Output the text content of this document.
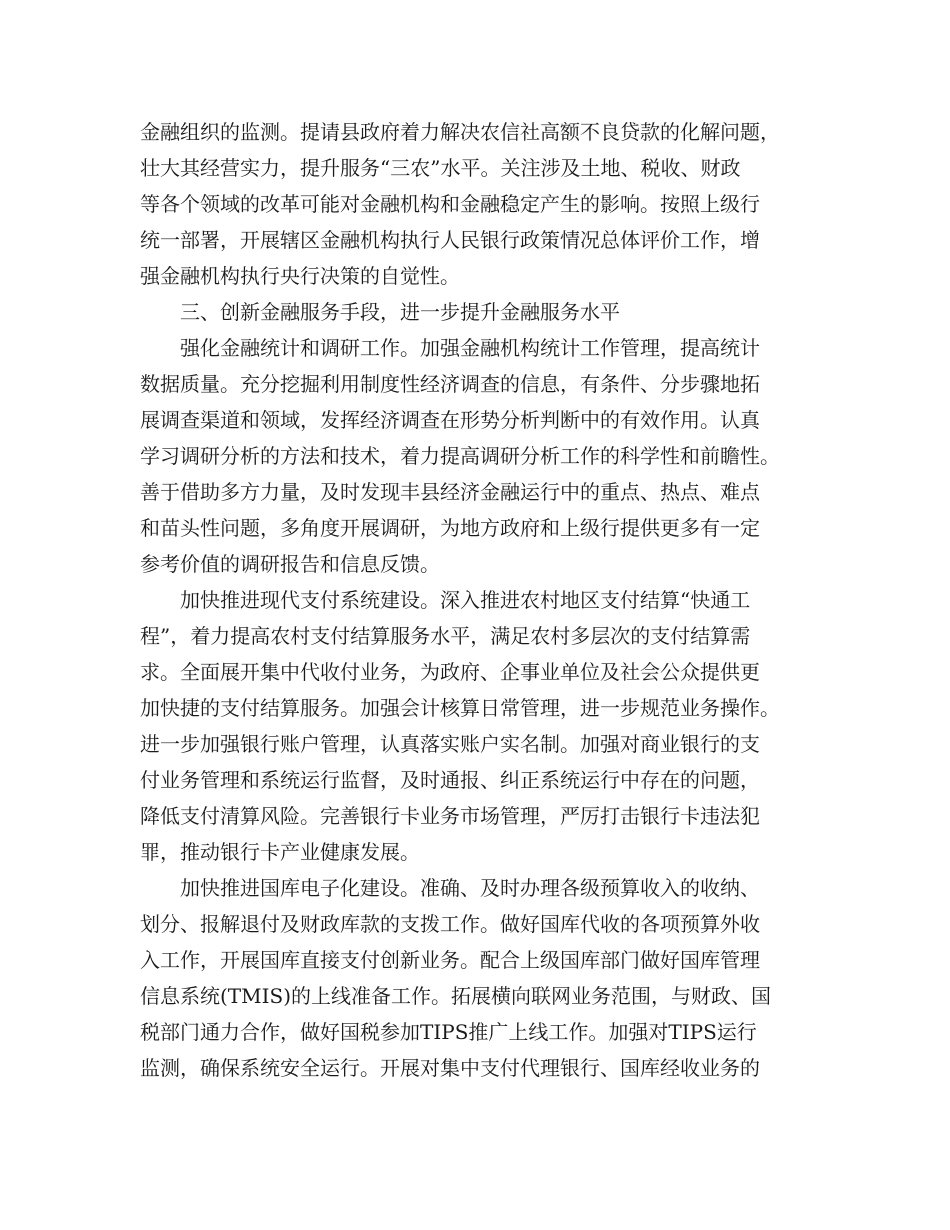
金融组织的监测。提请县政府着力解决农信社高额不良贷款的化解问题，
壮大其经营实力，提升服务“三农”水平。关注涉及土地、税收、财政
等各个领域的改革可能对金融机构和金融稳定产生的影响。按照上级行
统一部署，开展辖区金融机构执行人民银行政策情况总体评价工作，增
强金融机构执行央行决策的自觉性。
三、创新金融服务手段，进一步提升金融服务水平
强化金融统计和调研工作。加强金融机构统计工作管理，提高统计
数据质量。充分挖掘利用制度性经济调查的信息，有条件、分步骤地拓
展调查渠道和领域，发挥经济调查在形势分析判断中的有效作用。认真
学习调研分析的方法和技术，着力提高调研分析工作的科学性和前瞻性。
善于借助多方力量，及时发现丰县经济金融运行中的重点、热点、难点
和苗头性问题，多角度开展调研，为地方政府和上级行提供更多有一定
参考价值的调研报告和信息反馈。
加快推进现代支付系统建设。深入推进农村地区支付结算“快通工
程”，着力提高农村支付结算服务水平，满足农村多层次的支付结算需
求。全面展开集中代收付业务，为政府、企事业单位及社会公众提供更
加快捷的支付结算服务。加强会计核算日常管理，进一步规范业务操作。
进一步加强银行账户管理，认真落实账户实名制。加强对商业银行的支
付业务管理和系统运行监督，及时通报、纠正系统运行中存在的问题，
降低支付清算风险。完善银行卡业务市场管理，严厉打击银行卡违法犯
罪，推动银行卡产业健康发展。
加快推进国库电子化建设。准确、及时办理各级预算收入的收纳、
划分、报解退付及财政库款的支拨工作。做好国库代收的各项预算外收
入工作，开展国库直接支付创新业务。配合上级国库部门做好国库管理
信息系统(TMIS)的上线准备工作。拓展横向联网业务范围，与财政、国
税部门通力合作，做好国税参加TIPS推广上线工作。加强对TIPS运行
监测，确保系统安全运行。开展对集中支付代理银行、国库经收业务的
